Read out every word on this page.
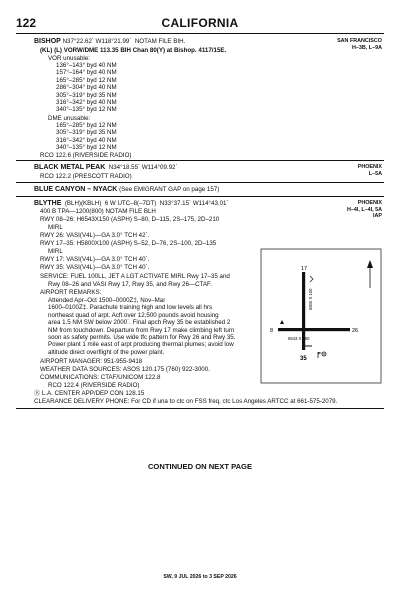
122	CALIFORNIA
BISHOP N37°22.62´ W118°21.99´ NOTAM FILE BIH.	SAN FRANCISCO
H–3B, L–9A
(KL) (L) VORW/DME 113.35 BIH Chan 80(Y) at Bishop. 4117/15E.
VOR unusable:
136°–143° byd 40 NM
157°–164° byd 40 NM
165°–285° byd 12 NM
286°–304° byd 40 NM
305°–319° byd 35 NM
316°–342° byd 40 NM
340°–135° byd 12 NM
DME unusable:
165°–285° byd 12 NM
305°–319° byd 35 NM
316°–342° byd 40 NM
340°–135° byd 12 NM
RCO 122.6 (RIVERSIDE RADIO)
BLACK METAL PEAK N34°18.55´ W114°09.92´	PHOENIX
L–5A
RCO 122.2 (PRESCOTT RADIO)
BLUE CANYON – NYACK (See EMIGRANT GAP on page 157)
BLYTHE (BLH)(KBLH) 6 W UTC–8(–7DT) N33°37.15´ W114°43.01´	PHOENIX
H–4I, L–4I, 5A
IAP
400 B TPA—1200(800) NOTAM FILE BLH
RWY 08–26: H6543X150 (ASPH) S–80, D–115, 2S–175, 2D–210
MIRL
RWY 26: VASI(V4L)—GA 3.0° TCH 42´.
RWY 17–35: H5800X100 (ASPH) S–52, D–76, 2S–100, 2D–135
MIRL
RWY 17: VASI(V4L)—GA 3.0° TCH 40´.
RWY 35: VASI(V4L)—GA 3.0° TCH 40´.
SERVICE: FUEL 100LL, JET A LGT ACTIVATE MIRL Rwy 17–35 and
Rwy 08–26 and VASI Rwy 17, Rwy 35, and Rwy 26—CTAF.
AIRPORT REMARKS:
Attended Apr–Oct 1500–0000Z‡, Nov–Mar
1600–0100Z‡. Parachute training high and low levels all hrs
northeast quad of arpt. Acft over 12,500 pounds avoid housing
area 1.5 NM SW below 2000´. Final apch Rwy 35 be established 2
NM from touchdown. Departure from Rwy 17 make climbing left turn
soon as safety permits. Use wide tfc pattern for Rwy 26 and Rwy 35.
Power plant 1 mile east of arpt producing thermal plumes; avoid low
altitude direct overflight of the power plant.
AIRPORT MANAGER: 951-955-9418
WEATHER DATA SOURCES: ASOS 120.175 (760) 922-3000.
COMMUNICATIONS: CTAF/UNICOM 122.8
RCO 122.4 (RIVERSIDE RADIO)
Ⓡ L.A. CENTER APP/DEP CON 128.15
CLEARANCE DELIVERY PHONE: For CD if una to ctc on FSS freq, ctc Los Angeles ARTCC at 661-575-2079.
17
8	26
35
6543 X 150
5800 X 100
CONTINUED ON NEXT PAGE
SW, 9 JUL 2026 to 3 SEP 2026
